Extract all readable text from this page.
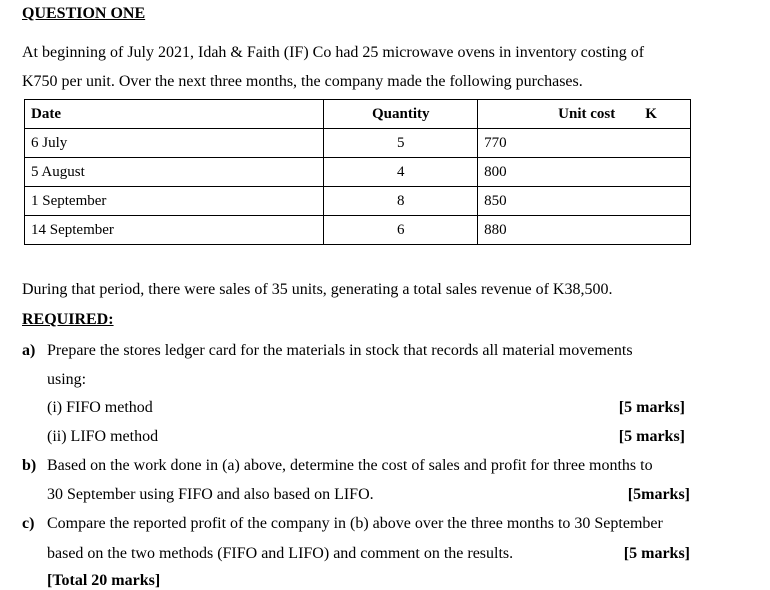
QUESTION ONE
At beginning of July 2021, Idah & Faith (IF) Co had 25 microwave ovens in inventory costing of
K750 per unit. Over the next three months, the company made the following purchases.
Date	Quantity	Unit cost K
6 July	5	770
5 August	4	800
1 September	8	850
14 September	6	880
During that period, there were sales of 35 units, generating a total sales revenue of K38,500.
REQUIRED:
a) Prepare the stores ledger card for the materials in stock that records all material movements
using:
(i) FIFO method	[5 marks]
(ii) LIFO method	[5 marks]
b) Based on the work done in (a) above, determine the cost of sales and profit for three months to
30 September using FIFO and also based on LIFO.	[5marks]
c) Compare the reported profit of the company in (b) above over the three months to 30 September
based on the two methods (FIFO and LIFO) and comment on the results.	[5 marks]
[Total 20 marks]
